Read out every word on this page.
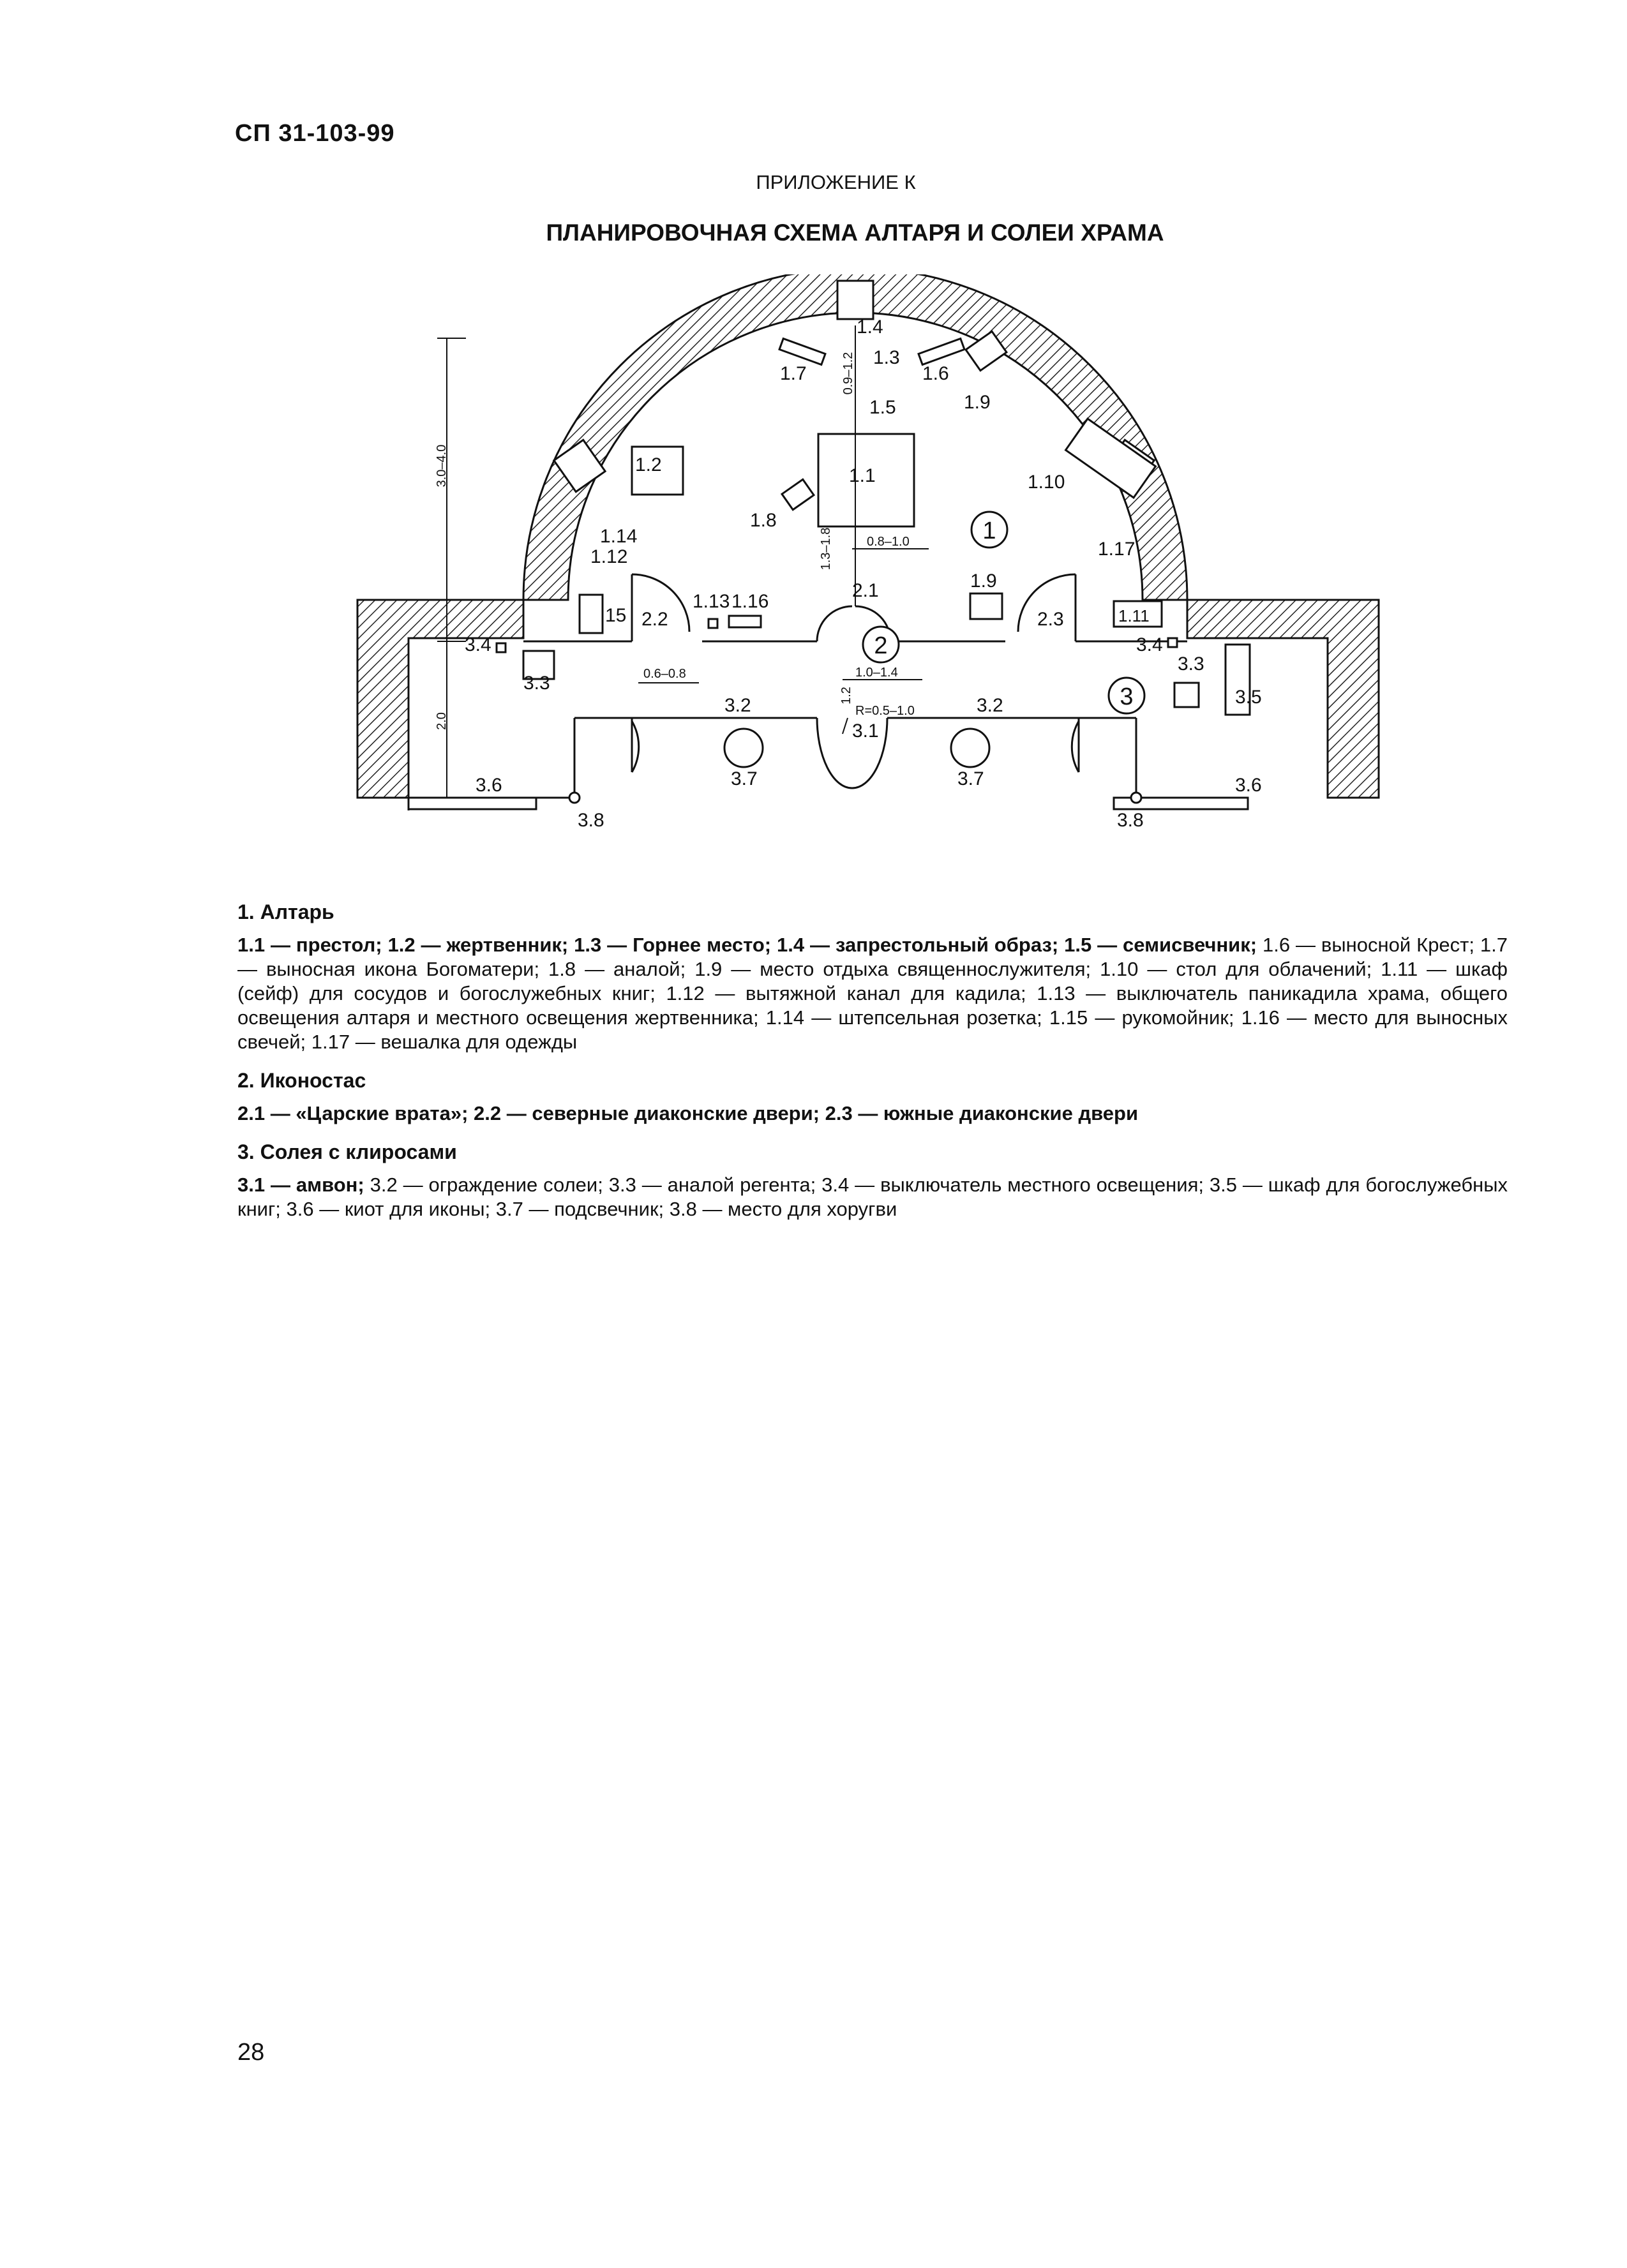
СП 31-103-99
ПРИЛОЖЕНИЕ К
ПЛАНИРОВОЧНАЯ СХЕМА АЛТАРЯ И СОЛЕИ ХРАМА
1
2
3
1.1
1.2
1.3
1.4
1.5
1.6
1.7
1.8
1.9
1.9
1.10
1.11
1.12
1.13
1.14
15
1.16
1.17
2.1
2.2	2.3
3.1
3.2	3.2
3.3
3.3
3.4	3.4
3.5
3.6	3.6
3.7	3.7
3.8	3.8
3.0–4.0
0.9–1.2
0.8–1.0
1.3–1.8
0.6–0.8	1.0–1.4
1.2
R=0.5–1.0
2.0
1. Алтарь
1.1 — престол; 1.2 — жертвенник; 1.3 — Горнее место; 1.4 — запрестольный образ; 1.5 — семисвечник; 1.6 — выносной Крест; 1.7 — выносная икона Богоматери; 1.8 — аналой; 1.9 — место отдыха священнослужителя; 1.10 — стол для облачений; 1.11 — шкаф (сейф) для сосудов и богослужебных книг; 1.12 — вытяжной канал для кадила; 1.13 — выключатель паникадила храма, общего освещения алтаря и местного освещения жертвенника; 1.14 — штепсельная розетка; 1.15 — рукомойник; 1.16 — место для выносных свечей; 1.17 — вешалка для одежды
2. Иконостас
2.1 — «Царские врата»; 2.2 — северные диаконские двери; 2.3 — южные диаконские двери
3. Солея с клиросами
3.1 — амвон; 3.2 — ограждение солеи; 3.3 — аналой регента; 3.4 — выключатель местного освещения; 3.5 — шкаф для богослужебных книг; 3.6 — киот для иконы; 3.7 — подсвечник; 3.8 — место для хоругви
28
